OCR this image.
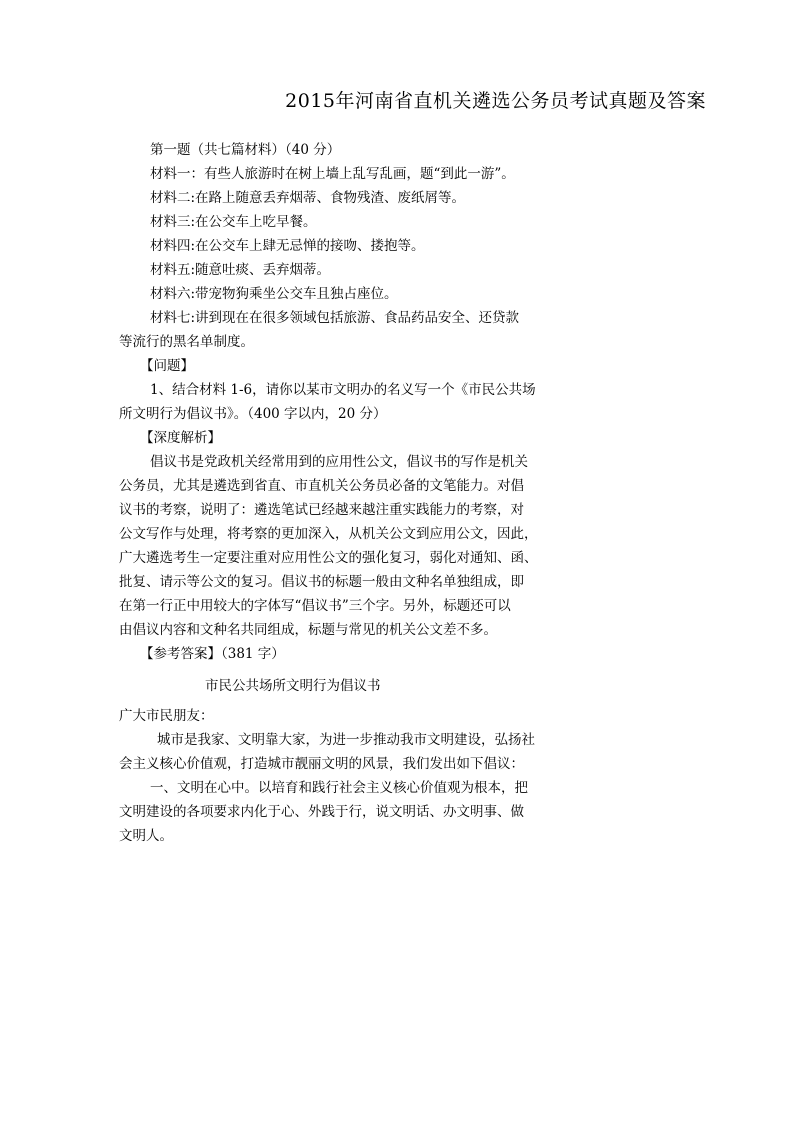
2015年河南省直机关遴选公务员考试真题及答案
第一题（共七篇材料）（40 分）
材料一：有些人旅游时在树上墙上乱写乱画，题“到此一游”。
材料二:在路上随意丢弃烟蒂、食物残渣、废纸屑等。
材料三:在公交车上吃早餐。
材料四:在公交车上肆无忌惮的接吻、搂抱等。
材料五:随意吐痰、丢弃烟蒂。
材料六:带宠物狗乘坐公交车且独占座位。
材料七:讲到现在在很多领域包括旅游、食品药品安全、还贷款
等流行的黑名单制度。
【问题】
1、结合材料 1-6，请你以某市文明办的名义写一个《市民公共场
所文明行为倡议书》。（400 字以内，20 分）
【深度解析】
倡议书是党政机关经常用到的应用性公文，倡议书的写作是机关
公务员，尤其是遴选到省直、市直机关公务员必备的文笔能力。对倡
议书的考察，说明了：遴选笔试已经越来越注重实践能力的考察，对
公文写作与处理，将考察的更加深入，从机关公文到应用公文，因此，
广大遴选考生一定要注重对应用性公文的强化复习，弱化对通知、函、
批复、请示等公文的复习。倡议书的标题一般由文种名单独组成，即
在第一行正中用较大的字体写“倡议书”三个字。另外，标题还可以
由倡议内容和文种名共同组成，标题与常见的机关公文差不多。
【参考答案】（381 字）
市民公共场所文明行为倡议书
广大市民朋友：
城市是我家、文明靠大家，为进一步推动我市文明建设，弘扬社
会主义核心价值观，打造城市靓丽文明的风景，我们发出如下倡议：
一、文明在心中。以培育和践行社会主义核心价值观为根本，把
文明建设的各项要求内化于心、外践于行，说文明话、办文明事、做
文明人。
